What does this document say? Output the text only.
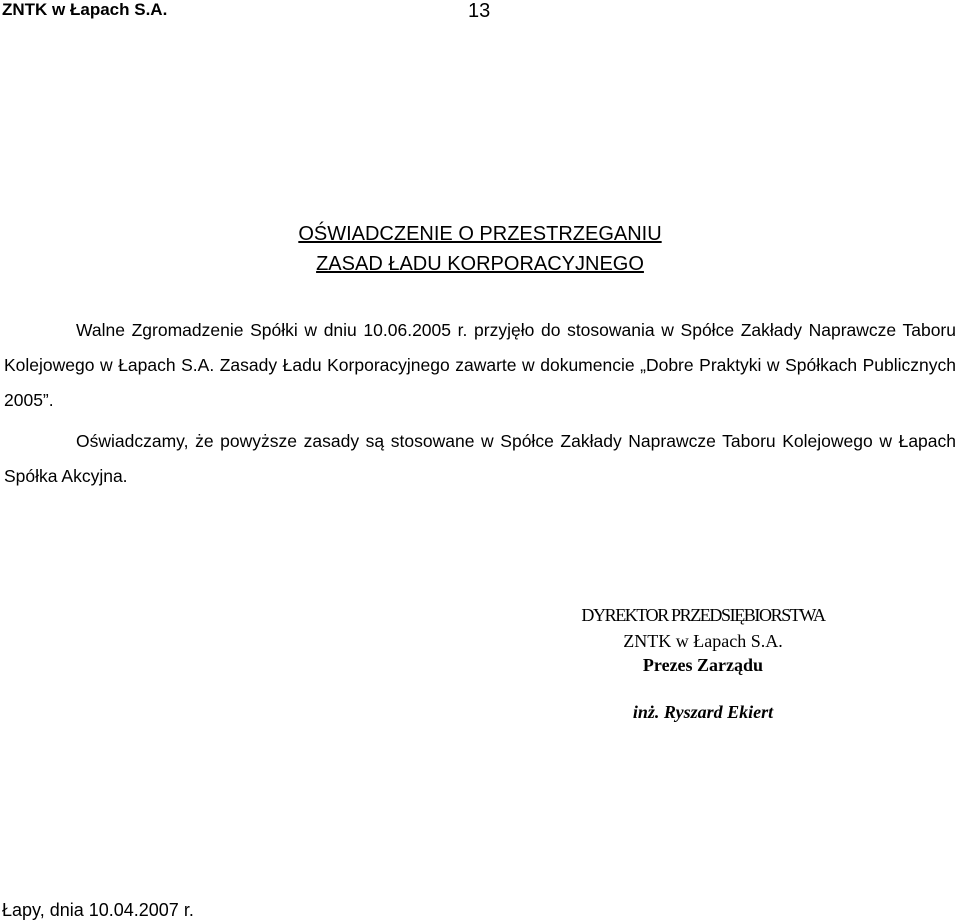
ZNTK w Łapach S.A.	13
OŚWIADCZENIE O PRZESTRZEGANIU
ZASAD ŁADU KORPORACYJNEGO
Walne Zgromadzenie Spółki w dniu 10.06.2005 r. przyjęło do stosowania w Spółce Zakłady Naprawcze Taboru Kolejowego w Łapach S.A. Zasady Ładu Korporacyjnego zawarte w dokumencie „Dobre Praktyki w Spółkach Publicznych 2005”.
Oświadczamy, że powyższe zasady są stosowane w Spółce Zakłady Naprawcze Taboru Kolejowego w Łapach Spółka Akcyjna.
DYREKTOR PRZEDSIĘBIORSTWA
ZNTK w Łapach S.A.
Prezes Zarządu
inż. Ryszard Ekiert
Łapy, dnia 10.04.2007 r.
